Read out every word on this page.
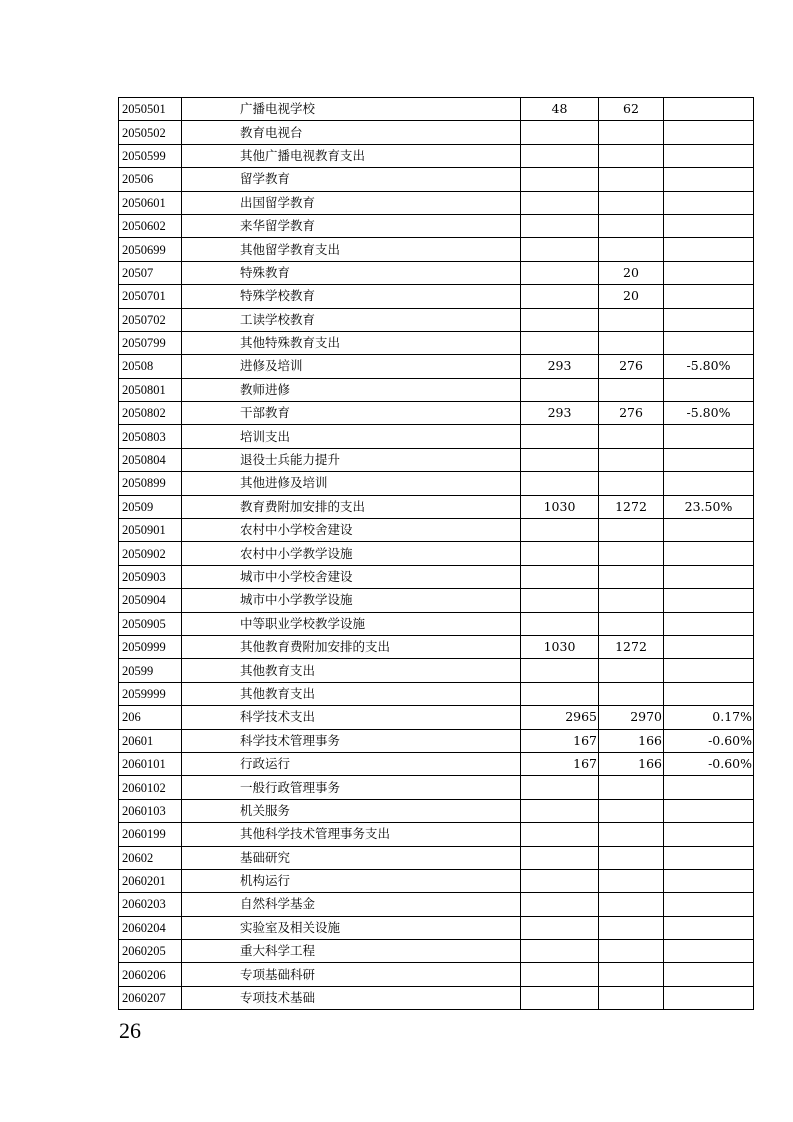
2050501	广播电视学校	48	62	
2050502	教育电视台			
2050599	其他广播电视教育支出			
20506	留学教育			
2050601	出国留学教育			
2050602	来华留学教育			
2050699	其他留学教育支出			
20507	特殊教育		20	
2050701	特殊学校教育		20	
2050702	工读学校教育			
2050799	其他特殊教育支出			
20508	进修及培训	293	276	-5.80%
2050801	教师进修			
2050802	干部教育	293	276	-5.80%
2050803	培训支出			
2050804	退役士兵能力提升			
2050899	其他进修及培训			
20509	教育费附加安排的支出	1030	1272	23.50%
2050901	农村中小学校舍建设			
2050902	农村中小学教学设施			
2050903	城市中小学校舍建设			
2050904	城市中小学教学设施			
2050905	中等职业学校教学设施			
2050999	其他教育费附加安排的支出	1030	1272	
20599	其他教育支出			
2059999	其他教育支出			
206	科学技术支出	2965	2970	0.17%
20601	科学技术管理事务	167	166	-0.60%
2060101	行政运行	167	166	-0.60%
2060102	一般行政管理事务			
2060103	机关服务			
2060199	其他科学技术管理事务支出			
20602	基础研究			
2060201	机构运行			
2060203	自然科学基金			
2060204	实验室及相关设施			
2060205	重大科学工程			
2060206	专项基础科研			
2060207	专项技术基础			
26
